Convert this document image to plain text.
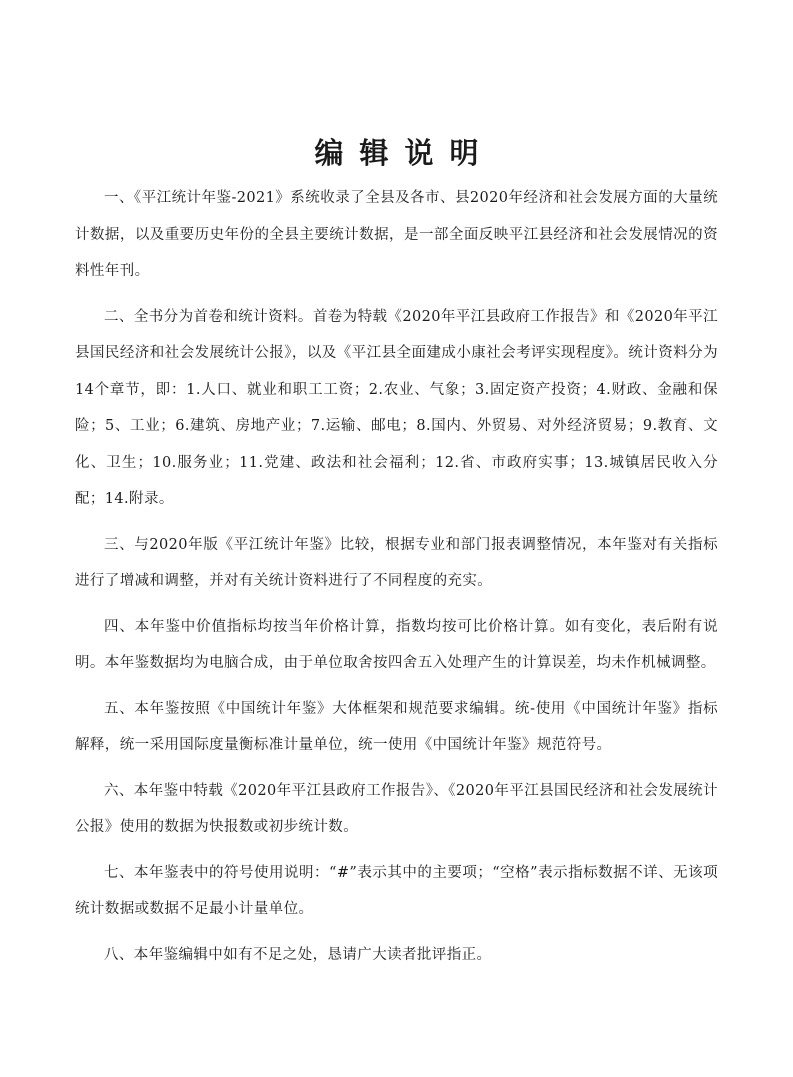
编辑说明

一、《平江统计年鉴-2021》系统收录了全县及各市、县2020年经济和社会发展方面的大量统计数据，以及重要历史年份的全县主要统计数据，是一部全面反映平江县经济和社会发展情况的资料性年刊。

二、全书分为首卷和统计资料。首卷为特载《2020年平江县政府工作报告》和《2020年平江县国民经济和社会发展统计公报》，以及《平江县全面建成小康社会考评实现程度》。统计资料分为14个章节，即：1.人口、就业和职工工资；2.农业、气象；3.固定资产投资；4.财政、金融和保险；5、工业；6.建筑、房地产业；7.运输、邮电；8.国内、外贸易、对外经济贸易；9.教育、文化、卫生；10.服务业；11.党建、政法和社会福利；12.省、市政府实事；13.城镇居民收入分配；14.附录。

三、与2020年版《平江统计年鉴》比较，根据专业和部门报表调整情况，本年鉴对有关指标进行了增减和调整，并对有关统计资料进行了不同程度的充实。

四、本年鉴中价值指标均按当年价格计算，指数均按可比价格计算。如有变化，表后附有说明。本年鉴数据均为电脑合成，由于单位取舍按四舍五入处理产生的计算误差，均未作机械调整。

五、本年鉴按照《中国统计年鉴》大体框架和规范要求编辑。统-使用《中国统计年鉴》指标解释，统一采用国际度量衡标准计量单位，统一使用《中国统计年鉴》规范符号。

六、本年鉴中特载《2020年平江县政府工作报告》、《2020年平江县国民经济和社会发展统计公报》使用的数据为快报数或初步统计数。

七、本年鉴表中的符号使用说明：“#”表示其中的主要项；“空格”表示指标数据不详、无该项统计数据或数据不足最小计量单位。

八、本年鉴编辑中如有不足之处，恳请广大读者批评指正。
